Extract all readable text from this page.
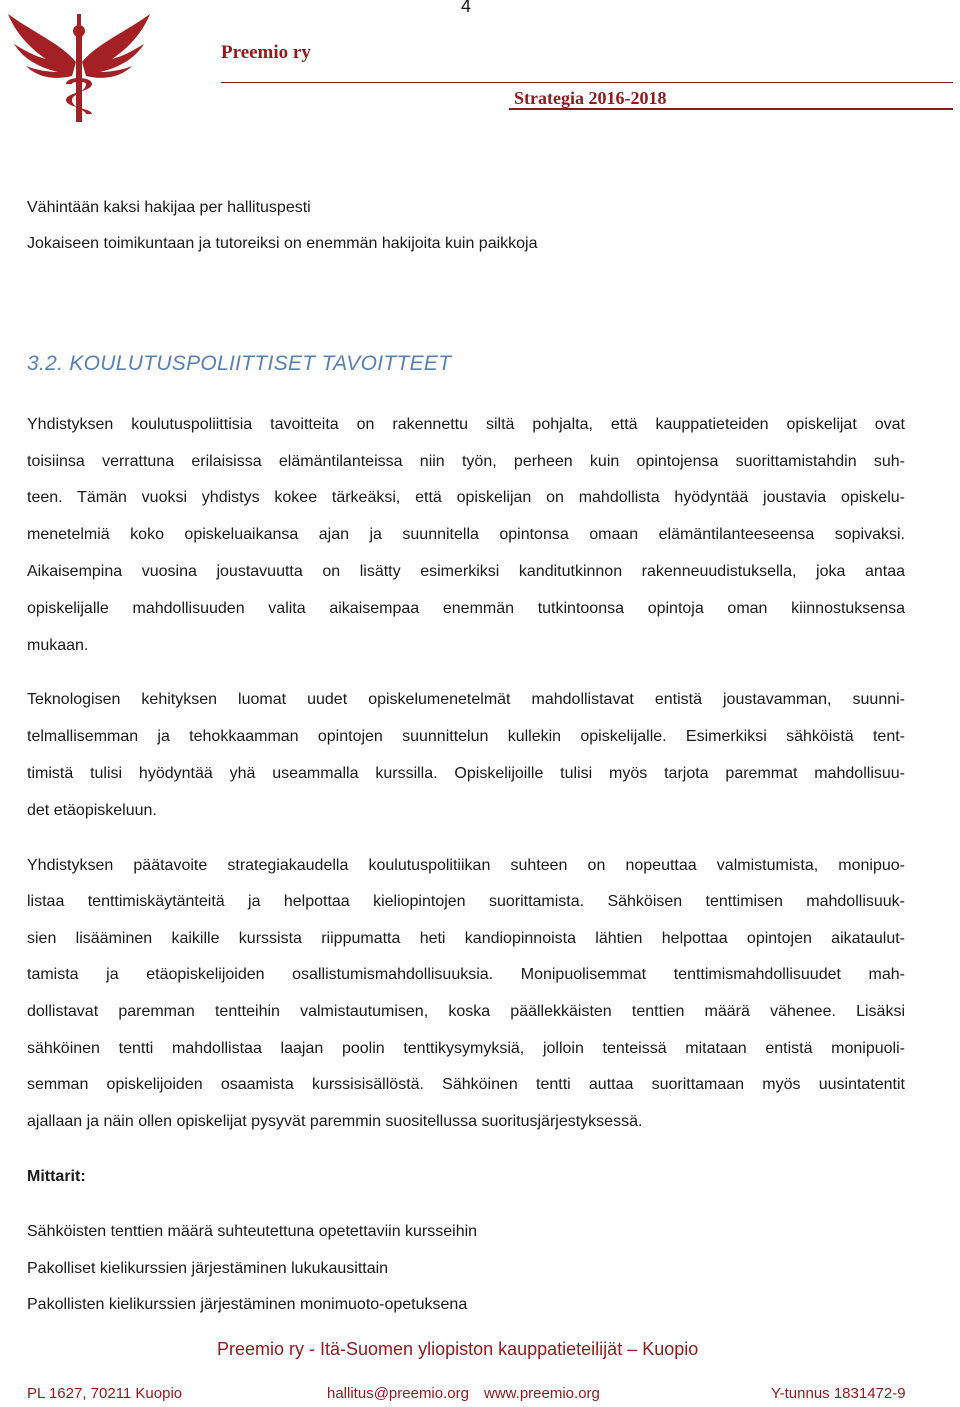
4
Preemio ry
Strategia 2016-2018
Vähintään kaksi hakijaa per hallituspesti
Jokaiseen toimikuntaan ja tutoreiksi on enemmän hakijoita kuin paikkoja
3.2. KOULUTUSPOLIITTISET TAVOITTEET
Yhdistyksen koulutuspoliittisia tavoitteita on rakennettu siltä pohjalta, että kauppatieteiden opiskelijat ovat
toisiinsa verrattuna erilaisissa elämäntilanteissa niin työn, perheen kuin opintojensa suorittamistahdin suh-
teen. Tämän vuoksi yhdistys kokee tärkeäksi, että opiskelijan on mahdollista hyödyntää joustavia opiskelu-
menetelmiä koko opiskeluaikansa ajan ja suunnitella opintonsa omaan elämäntilanteeseensa sopivaksi.
Aikaisempina vuosina joustavuutta on lisätty esimerkiksi kanditutkinnon rakenneuudistuksella, joka antaa
opiskelijalle mahdollisuuden valita aikaisempaa enemmän tutkintoonsa opintoja oman kiinnostuksensa
mukaan.
Teknologisen kehityksen luomat uudet opiskelumenetelmät mahdollistavat entistä joustavamman, suunni-
telmallisemman ja tehokkaamman opintojen suunnittelun kullekin opiskelijalle. Esimerkiksi sähköistä tent-
timistä tulisi hyödyntää yhä useammalla kurssilla. Opiskelijoille tulisi myös tarjota paremmat mahdollisuu-
det etäopiskeluun.
Yhdistyksen päätavoite strategiakaudella koulutuspolitiikan suhteen on nopeuttaa valmistumista, monipuo-
listaa tenttimiskäytänteitä ja helpottaa kieliopintojen suorittamista. Sähköisen tenttimisen mahdollisuuk-
sien lisääminen kaikille kurssista riippumatta heti kandiopinnoista lähtien helpottaa opintojen aikataulut-
tamista ja etäopiskelijoiden osallistumismahdollisuuksia. Monipuolisemmat tenttimismahdollisuudet mah-
dollistavat paremman tentteihin valmistautumisen, koska päällekkäisten tenttien määrä vähenee. Lisäksi
sähköinen tentti mahdollistaa laajan poolin tenttikysymyksiä, jolloin tenteissä mitataan entistä monipuoli-
semman opiskelijoiden osaamista kurssisisällöstä. Sähköinen tentti auttaa suorittamaan myös uusintatentit
ajallaan ja näin ollen opiskelijat pysyvät paremmin suositellussa suoritusjärjestyksessä.
Mittarit:
Sähköisten tenttien määrä suhteutettuna opetettaviin kursseihin
Pakolliset kielikurssien järjestäminen lukukausittain
Pakollisten kielikurssien järjestäminen monimuoto-opetuksena
Preemio ry - Itä-Suomen yliopiston kauppatieteilijät – Kuopio
PL 1627, 70211 Kuopio	hallitus@preemio.org www.preemio.org	Y-tunnus 1831472-9
